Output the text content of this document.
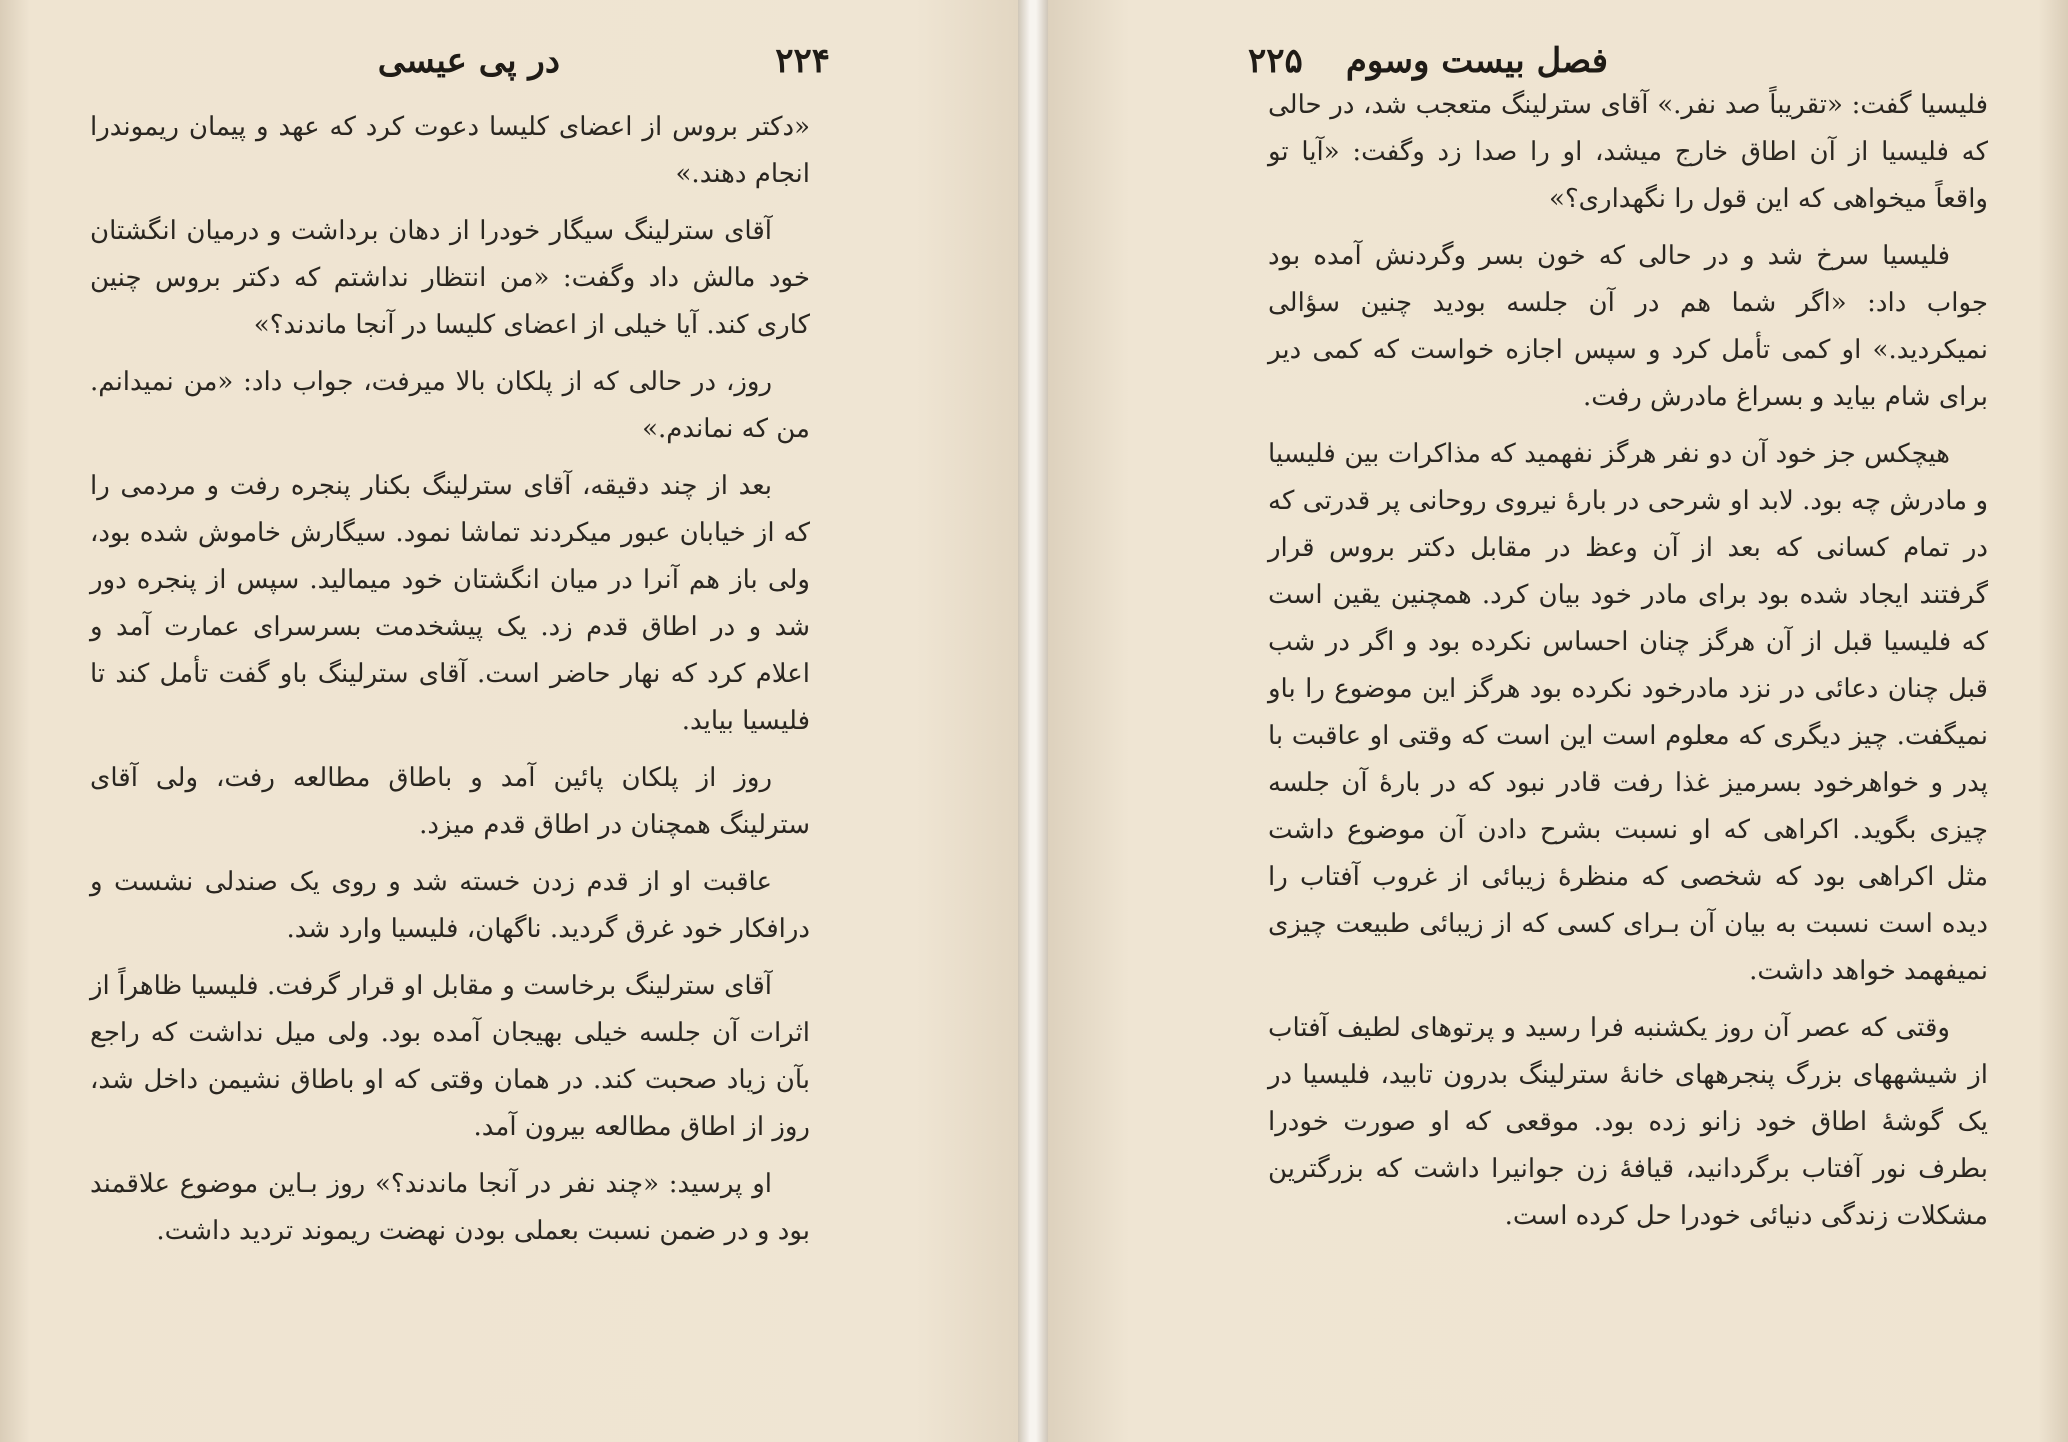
۲۲۴
در پی عیسی

«دکتر بروس از اعضای کلیسا دعوت کرد که عهد و پیمان ریموندرا انجام دهند.»

آقای سترلینگ سیگار خودرا از دهان برداشت و درمیان انگشتان خود مالش داد وگفت: «من انتظار نداشتم که دکتر بروس چنین کاری کند. آیا خیلی از اعضای کلیسا در آنجا ماندند؟»

روز، در حالی که از پلکان بالا میرفت، جواب داد: «من نمیدانم. من که نماندم.»

بعد از چند دقیقه، آقای سترلینگ بکنار پنجره رفت و مردمی را که از خیابان عبور میکردند تماشا نمود. سیگارش خاموش شده بود، ولی باز هم آنرا در میان انگشتان خود میمالید. سپس از پنجره دور شد و در اطاق قدم زد. یک پیشخدمت بسرسرای عمارت آمد و اعلام کرد که نهار حاضر است. آقای سترلینگ باو گفت تأمل کند تا فلیسیا بیاید.

روز از پلکان پائین آمد و باطاق مطالعه رفت، ولی آقای سترلینگ همچنان در اطاق قدم میزد.

عاقبت او از قدم زدن خسته شد و روی یک صندلی نشست و درافکار خود غرق گردید. ناگهان، فلیسیا وارد شد.

آقای سترلینگ برخاست و مقابل او قرار گرفت. فلیسیا ظاهراً از اثرات آن جلسه خیلی بهیجان آمده بود. ولی میل نداشت که راجع بآن زیاد صحبت کند. در همان وقتی که او باطاق نشیمن داخل شد، روز از اطاق مطالعه بیرون آمد.

او پرسید: «چند نفر در آنجا ماندند؟» روز بـاین موضوع علاقمند بود و در ضمن نسبت بعملی بودن نهضت ریموند تردید داشت.

فصل بیست وسوم
۲۲۵

فلیسیا گفت: «تقریباً صد نفر.» آقای سترلینگ متعجب شد، در حالی که فلیسیا از آن اطاق خارج میشد، او را صدا زد وگفت: «آیا تو واقعاً میخواهی که این قول را نگهداری؟»

فلیسیا سرخ شد و در حالی که خون بسر وگردنش آمده بود جواب داد: «اگر شما هم در آن جلسه بودید چنین سؤالی نمیکردید.» او کمی تأمل کرد و سپس اجازه خواست که کمی دیر برای شام بیاید و بسراغ مادرش رفت.

هیچکس جز خود آن دو نفر هرگز نفهمید که مذاکرات بین فلیسیا و مادرش چه بود. لابد او شرحی در بارهٔ نیروی روحانی پر قدرتی که در تمام کسانی که بعد از آن وعظ در مقابل دکتر بروس قرار گرفتند ایجاد شده بود برای مادر خود بیان کرد. همچنین یقین است که فلیسیا قبل از آن هرگز چنان احساس نکرده بود و اگر در شب قبل چنان دعائی در نزد مادرخود نکرده بود هرگز این موضوع را باو نمیگفت. چیز دیگری که معلوم است این است که وقتی او عاقبت با پدر و خواهرخود بسرمیز غذا رفت قادر نبود که در بارهٔ آن جلسه چیزی بگوید. اکراهی که او نسبت بشرح دادن آن موضوع داشت مثل اکراهی بود که شخصی که منظرهٔ زیبائی از غروب آفتاب را دیده است نسبت به بیان آن بـرای کسی که از زیبائی طبیعت چیزی نمیفهمد خواهد داشت.

وقتی که عصر آن روز یکشنبه فرا رسید و پرتوهای لطیف آفتاب از شیشههای بزرگ پنجرههای خانهٔ سترلینگ بدرون تابید، فلیسیا در یک گوشهٔ اطاق خود زانو زده بود. موقعی که او صورت خودرا بطرف نور آفتاب برگردانید، قیافهٔ زن جوانیرا داشت که بزرگترین مشکلات زندگی دنیائی خودرا حل کرده است.
